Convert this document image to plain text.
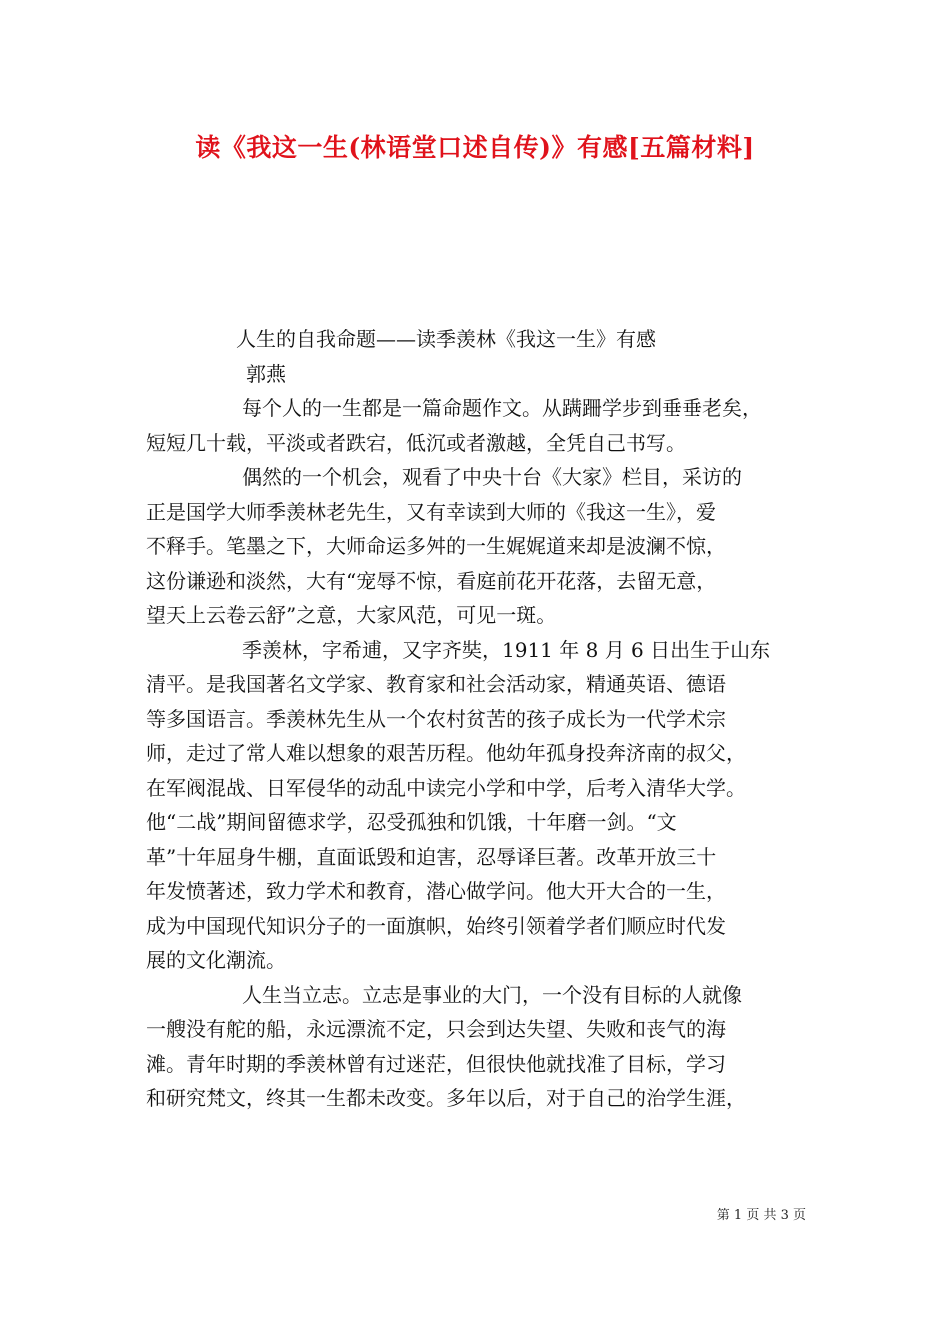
读《我这一生(林语堂口述自传)》有感[五篇材料]
人生的自我命题——读季羡林《我这一生》有感
郭燕
每个人的一生都是一篇命题作文。从蹒跚学步到垂垂老矣，
短短几十载，平淡或者跌宕，低沉或者激越，全凭自己书写。
偶然的一个机会，观看了中央十台《大家》栏目，采访的
正是国学大师季羡林老先生，又有幸读到大师的《我这一生》，爱
不释手。笔墨之下，大师命运多舛的一生娓娓道来却是波澜不惊，
这份谦逊和淡然，大有“宠辱不惊，看庭前花开花落，去留无意，
望天上云卷云舒”之意，大家风范，可见一斑。
季羡林，字希逋，又字齐奘，1911 年 8 月 6 日出生于山东
清平。是我国著名文学家、教育家和社会活动家，精通英语、德语
等多国语言。季羡林先生从一个农村贫苦的孩子成长为一代学术宗
师，走过了常人难以想象的艰苦历程。他幼年孤身投奔济南的叔父，
在军阀混战、日军侵华的动乱中读完小学和中学，后考入清华大学。
他“二战”期间留德求学，忍受孤独和饥饿，十年磨一剑。“文
革”十年屈身牛棚，直面诋毁和迫害，忍辱译巨著。改革开放三十
年发愤著述，致力学术和教育，潜心做学问。他大开大合的一生，
成为中国现代知识分子的一面旗帜，始终引领着学者们顺应时代发
展的文化潮流。
人生当立志。立志是事业的大门，一个没有目标的人就像
一艘没有舵的船，永远漂流不定，只会到达失望、失败和丧气的海
滩。青年时期的季羡林曾有过迷茫，但很快他就找准了目标，学习
和研究梵文，终其一生都未改变。多年以后，对于自己的治学生涯，
第 1 页 共 3 页
